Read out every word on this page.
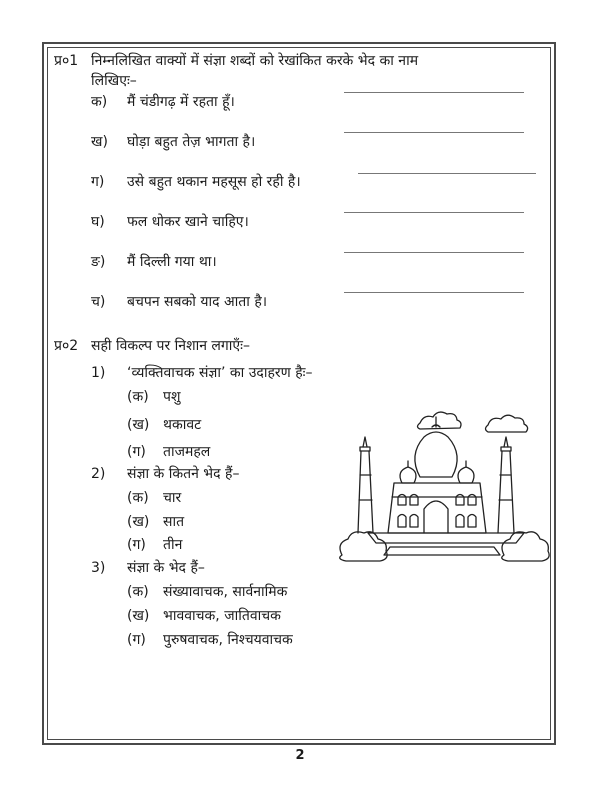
प्र०1 निम्नलिखित वाक्यों में संज्ञा शब्दों को रेखांकित करके भेद का नाम
लिखिएः–
क) मैं चंडीगढ़ में रहता हूँ।
ख) घोड़ा बहुत तेज़ भागता है।
ग) उसे बहुत थकान महसूस हो रही है।
घ) फल धोकर खाने चाहिए।
ङ) मैं दिल्ली गया था।
च) बचपन सबको याद आता है।
प्र०2 सही विकल्प पर निशान लगाएँः–
1) ‘व्यक्तिवाचक संज्ञा’ का उदाहरण हैः–
(क) पशु
(ख) थकावट
(ग) ताजमहल
2) संज्ञा के कितने भेद हैं–
(क) चार
(ख) सात
(ग) तीन
3) संज्ञा के भेद हैं–
(क) संख्यावाचक, सार्वनामिक
(ख) भाववाचक, जातिवाचक
(ग) पुरुषवाचक, निश्चयवाचक
2
